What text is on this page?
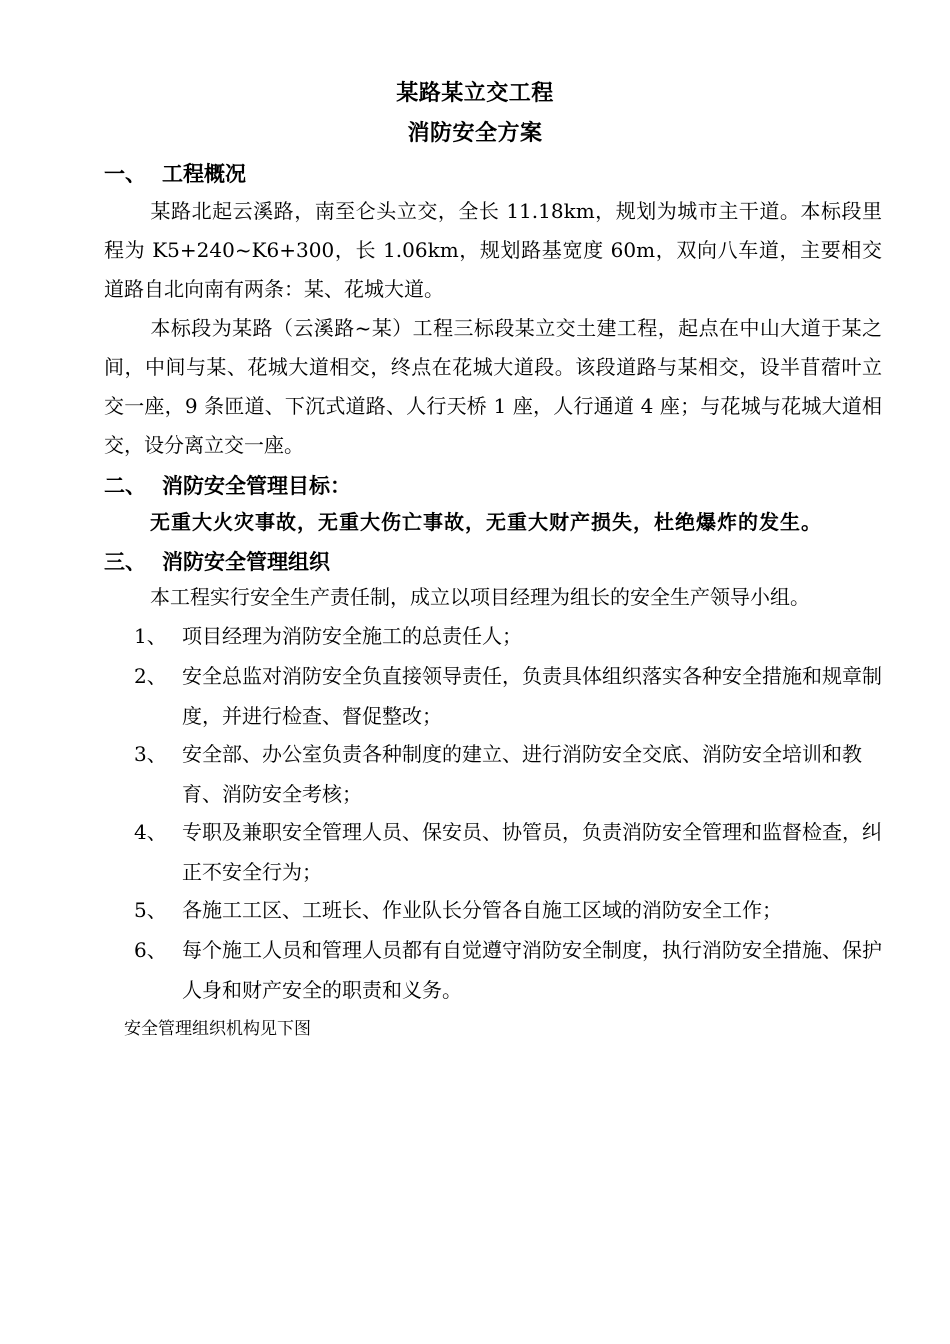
某路某立交工程
消防安全方案
一、 工程概况
某路北起云溪路，南至仑头立交，全长 11.18km，规划为城市主干道。本标段里程为 K5+240~K6+300，长 1.06km，规划路基宽度 60m，双向八车道，主要相交道路自北向南有两条：某、花城大道。
本标段为某路（云溪路~某）工程三标段某立交土建工程，起点在中山大道于某之间，中间与某、花城大道相交，终点在花城大道段。该段道路与某相交，设半苜蓿叶立交一座，9 条匝道、下沉式道路、人行天桥 1 座，人行通道 4 座；与花城与花城大道相交，设分离立交一座。
二、 消防安全管理目标：
无重大火灾事故，无重大伤亡事故，无重大财产损失，杜绝爆炸的发生。
三、 消防安全管理组织
本工程实行安全生产责任制，成立以项目经理为组长的安全生产领导小组。
1、 项目经理为消防安全施工的总责任人；
2、 安全总监对消防安全负直接领导责任，负责具体组织落实各种安全措施和规章制度，并进行检查、督促整改；
3、 安全部、办公室负责各种制度的建立、进行消防安全交底、消防安全培训和教育、消防安全考核；
4、 专职及兼职安全管理人员、保安员、协管员，负责消防安全管理和监督检查，纠正不安全行为；
5、 各施工工区、工班长、作业队长分管各自施工区域的消防安全工作；
6、 每个施工人员和管理人员都有自觉遵守消防安全制度，执行消防安全措施、保护人身和财产安全的职责和义务。
安全管理组织机构见下图
